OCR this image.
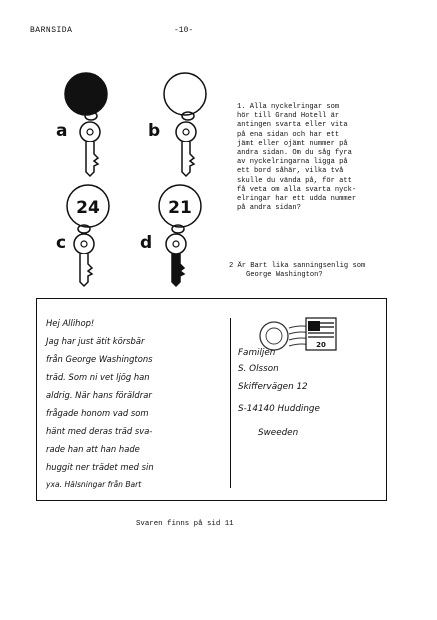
BARNSIDA	-10-
a	b
24
c
21
d
1. Alla nyckelringar som
hör till Grand Hotell är
antingen svarta eller vita
på ena sidan och har ett
jämt eller ojämt nummer på
andra sidan. Om du såg fyra
av nyckelringarna ligga på
ett bord såhär, vilka två
skulle du vända på, för att
få veta om alla svarta nyck-
elringar har ett udda nummer
på andra sidan?
2 Är Bart lika sanningsenlig som
George Washington?
Hej Allihop!
Jag har just ätit körsbär
från George Washingtons
träd. Som ni vet ljög han
aldrig. När hans föräldrar
frågade honom vad som
hänt med deras träd sva-
rade han att han hade
huggit ner trädet med sin
yxa. Hälsningar från Bart
20
Familjen
S. Olsson
Skiffervägen 12
S-14140 Huddinge
Sweeden
Svaren finns på sid 11
